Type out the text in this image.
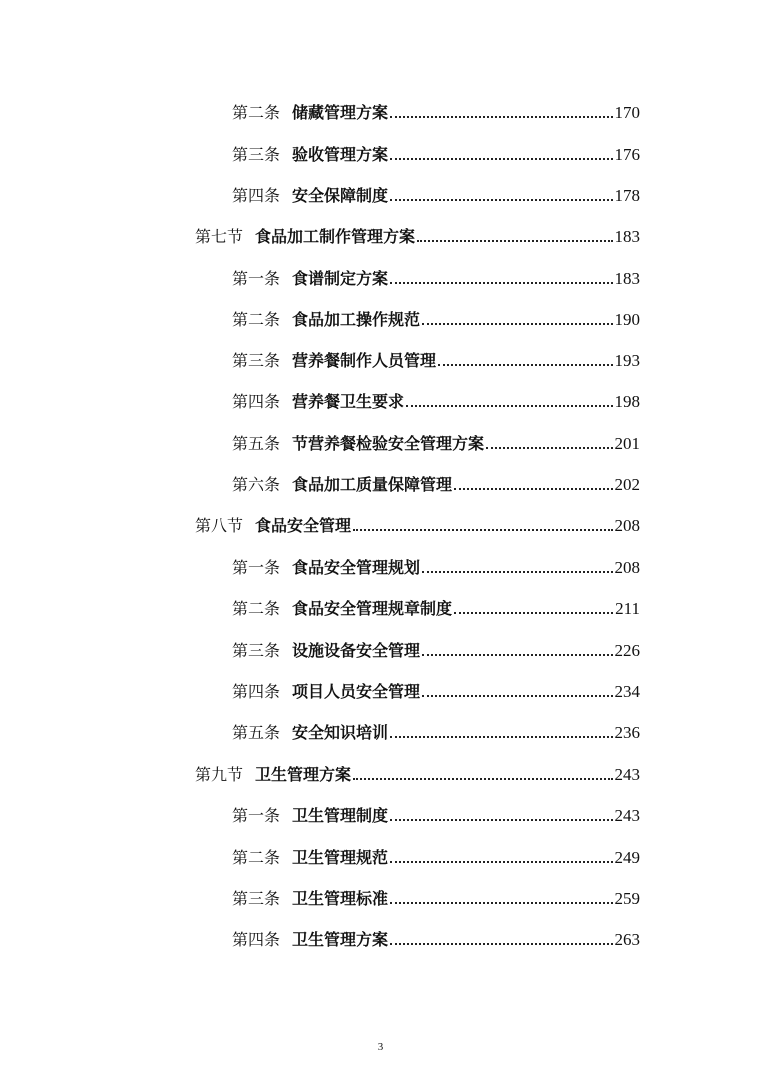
第二条 储藏管理方案	170
第三条 验收管理方案	176
第四条 安全保障制度	178
第七节 食品加工制作管理方案	183
第一条 食谱制定方案	183
第二条 食品加工操作规范	190
第三条 营养餐制作人员管理	193
第四条 营养餐卫生要求	198
第五条 节营养餐检验安全管理方案	201
第六条 食品加工质量保障管理	202
第八节 食品安全管理	208
第一条 食品安全管理规划	208
第二条 食品安全管理规章制度	211
第三条 设施设备安全管理	226
第四条 项目人员安全管理	234
第五条 安全知识培训	236
第九节 卫生管理方案	243
第一条 卫生管理制度	243
第二条 卫生管理规范	249
第三条 卫生管理标准	259
第四条 卫生管理方案	263
3
